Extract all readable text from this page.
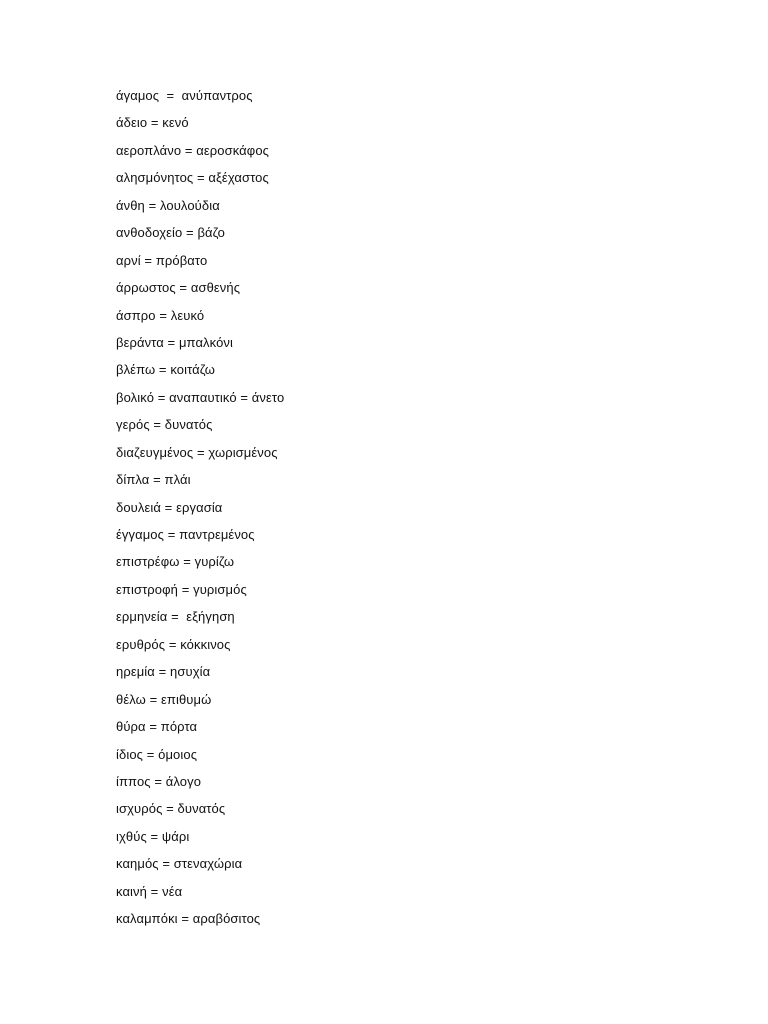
άγαμος  =  ανύπαντρος
άδειο = κενό
αεροπλάνο = αεροσκάφος
αλησμόνητος = αξέχαστος
άνθη = λουλούδια
ανθοδοχείο = βάζο
αρνί = πρόβατο
άρρωστος = ασθενής
άσπρο = λευκό
βεράντα = μπαλκόνι
βλέπω = κοιτάζω
βολικό = αναπαυτικό = άνετο
γερός = δυνατός
διαζευγμένος = χωρισμένος
δίπλα = πλάι
δουλειά = εργασία
έγγαμος = παντρεμένος
επιστρέφω = γυρίζω
επιστροφή = γυρισμός
ερμηνεία =  εξήγηση
ερυθρός = κόκκινος
ηρεμία = ησυχία
θέλω = επιθυμώ
θύρα = πόρτα
ίδιος = όμοιος
ίππος = άλογο
ισχυρός = δυνατός
ιχθύς = ψάρι
καημός = στεναχώρια
καινή = νέα
καλαμπόκι = αραβόσιτος
